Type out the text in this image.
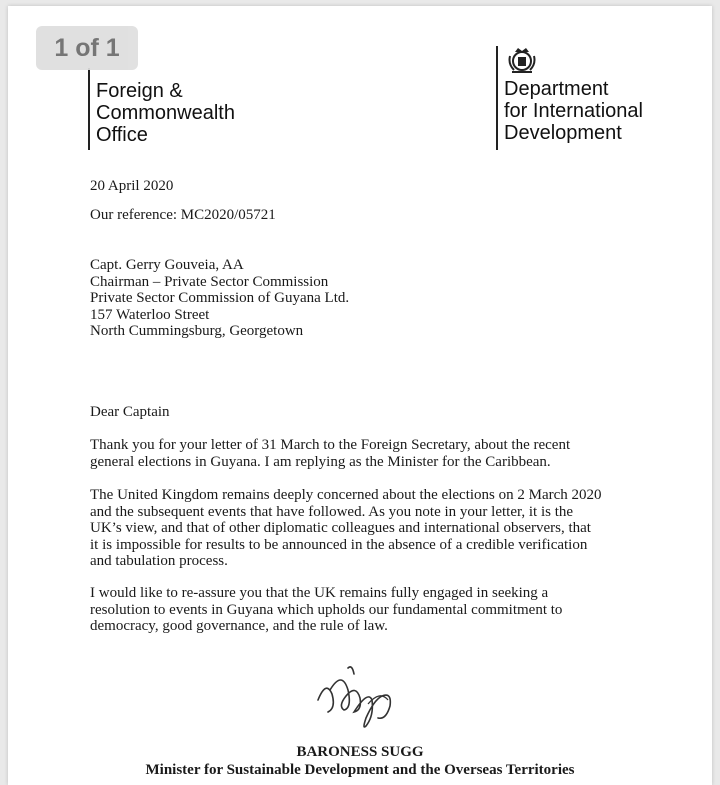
1 of 1
Foreign &
Commonwealth
Office
Department
for International
Development
20 April 2020
Our reference: MC2020/05721
Capt. Gerry Gouveia, AA
Chairman – Private Sector Commission
Private Sector Commission of Guyana Ltd.
157 Waterloo Street
North Cummingsburg, Georgetown
Dear Captain
Thank you for your letter of 31 March to the Foreign Secretary, about the recent
general elections in Guyana. I am replying as the Minister for the Caribbean.
The United Kingdom remains deeply concerned about the elections on 2 March 2020
and the subsequent events that have followed. As you note in your letter, it is the
UK’s view, and that of other diplomatic colleagues and international observers, that
it is impossible for results to be announced in the absence of a credible verification
and tabulation process.
I would like to re-assure you that the UK remains fully engaged in seeking a
resolution to events in Guyana which upholds our fundamental commitment to
democracy, good governance, and the rule of law.
BARONESS SUGG
Minister for Sustainable Development and the Overseas Territories
